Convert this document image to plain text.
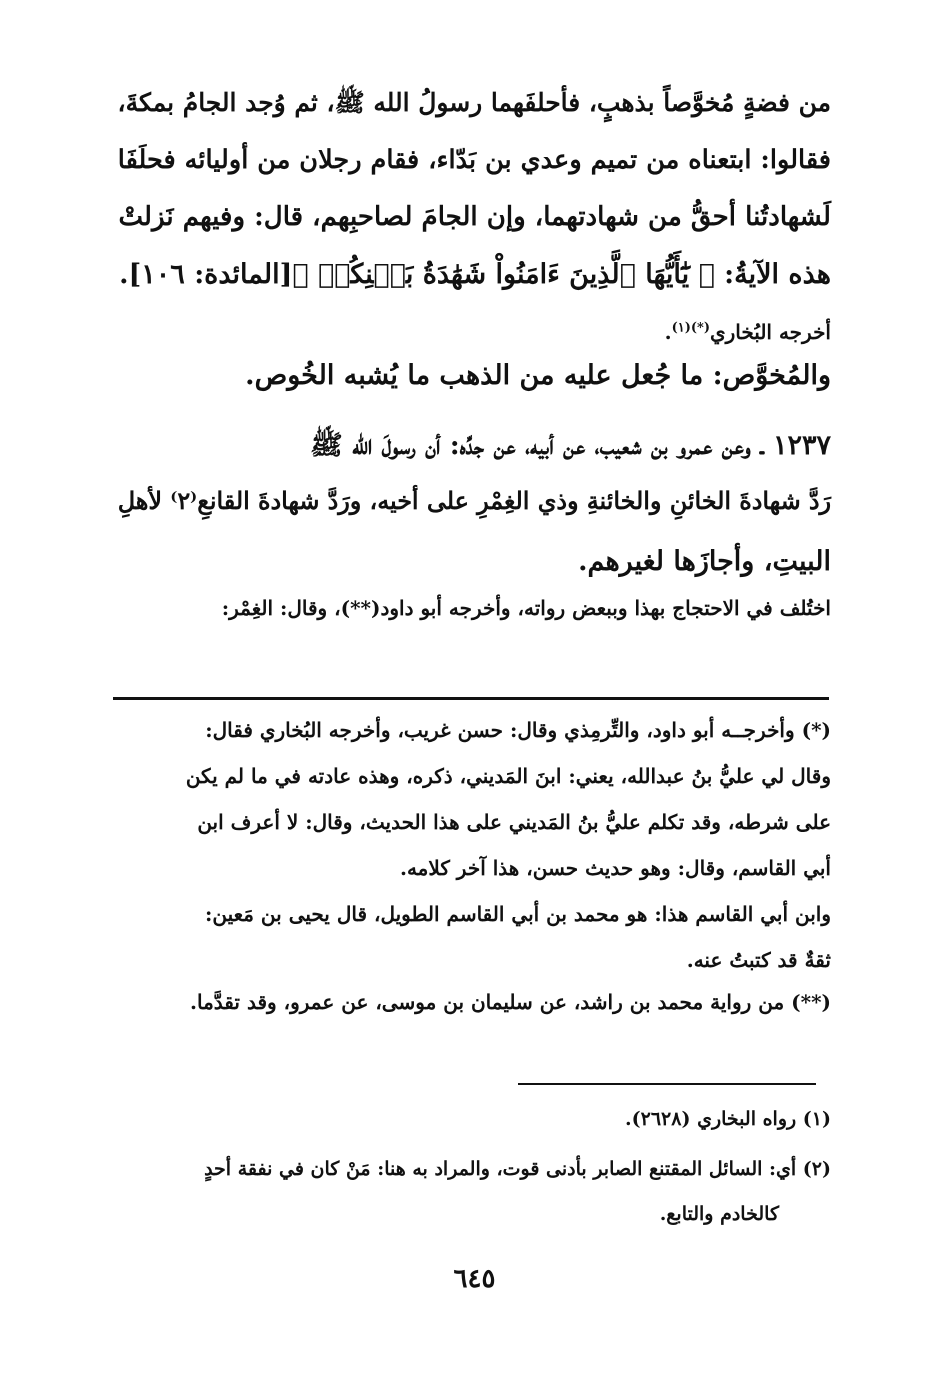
من فضةٍ مُخوَّصاً بذهبٍ، فأحلفَهما رسولُ الله ﷺ، ثم وُجد الجامُ بمكةَ،
فقالوا: ابتعناه من تميم وعدي بن بَدّاء، فقام رجلان من أوليائه فحلَفَا
لَشهادتُنا أحقُّ من شهادتهما، وإن الجامَ لصاحبِهم، قال: وفيهم نَزلتْ
هذه الآيةُ: ﴿ يَٰٓأَيُّهَا ٱلَّذِينَ ءَامَنُواْ شَهَٰدَةُ بَيۡنِكُمۡ ﴾[المائدة: ١٠٦].
أخرجه البُخاري$^{(*)(١)}$.
والمُخوَّص: ما جُعل عليه من الذهب ما يُشبه الخُوص.
١٢٣٧ ـ وعن عمرو بن شعيب، عن أبيه، عن جدِّه: أن رسولَ الله ﷺ
رَدَّ شهادةَ الخائنِ والخائنةِ وذي الغِمْرِ على أخيه، ورَدَّ شهادةَ القانعِ⁽٢⁾ لأهلِ
البيتِ، وأجازَها لغيرهم.
اختُلف في الاحتجاج بهذا وببعض رواته، وأخرجه أبو داود(**)، وقال: الغِمْر:
(*) وأخرجــه أبو داود، والتِّرمِذي وقال: حسن غريب، وأخرجه البُخاري فقال:
وقال لي عليُّ بنُ عبدالله، يعني: ابنَ المَديني، ذكره، وهذه عادته في ما لم يكن
على شرطه، وقد تكلم عليُّ بنُ المَديني على هذا الحديث، وقال: لا أعرف ابن
أبي القاسم، وقال: وهو حديث حسن، هذا آخر كلامه.
وابن أبي القاسم هذا: هو محمد بن أبي القاسم الطويل، قال يحيى بن مَعين:
ثقةٌ قد كتبتُ عنه.
(**) من رواية محمد بن راشد، عن سليمان بن موسى، عن عمرو، وقد تقدَّما.
(١) رواه البخاري (٢٦٢٨).
(٢) أي: السائل المقتنع الصابر بأدنى قوت، والمراد به هنا: مَنْ كان في نفقة أحدٍ
كالخادم والتابع.
٦٤٥
